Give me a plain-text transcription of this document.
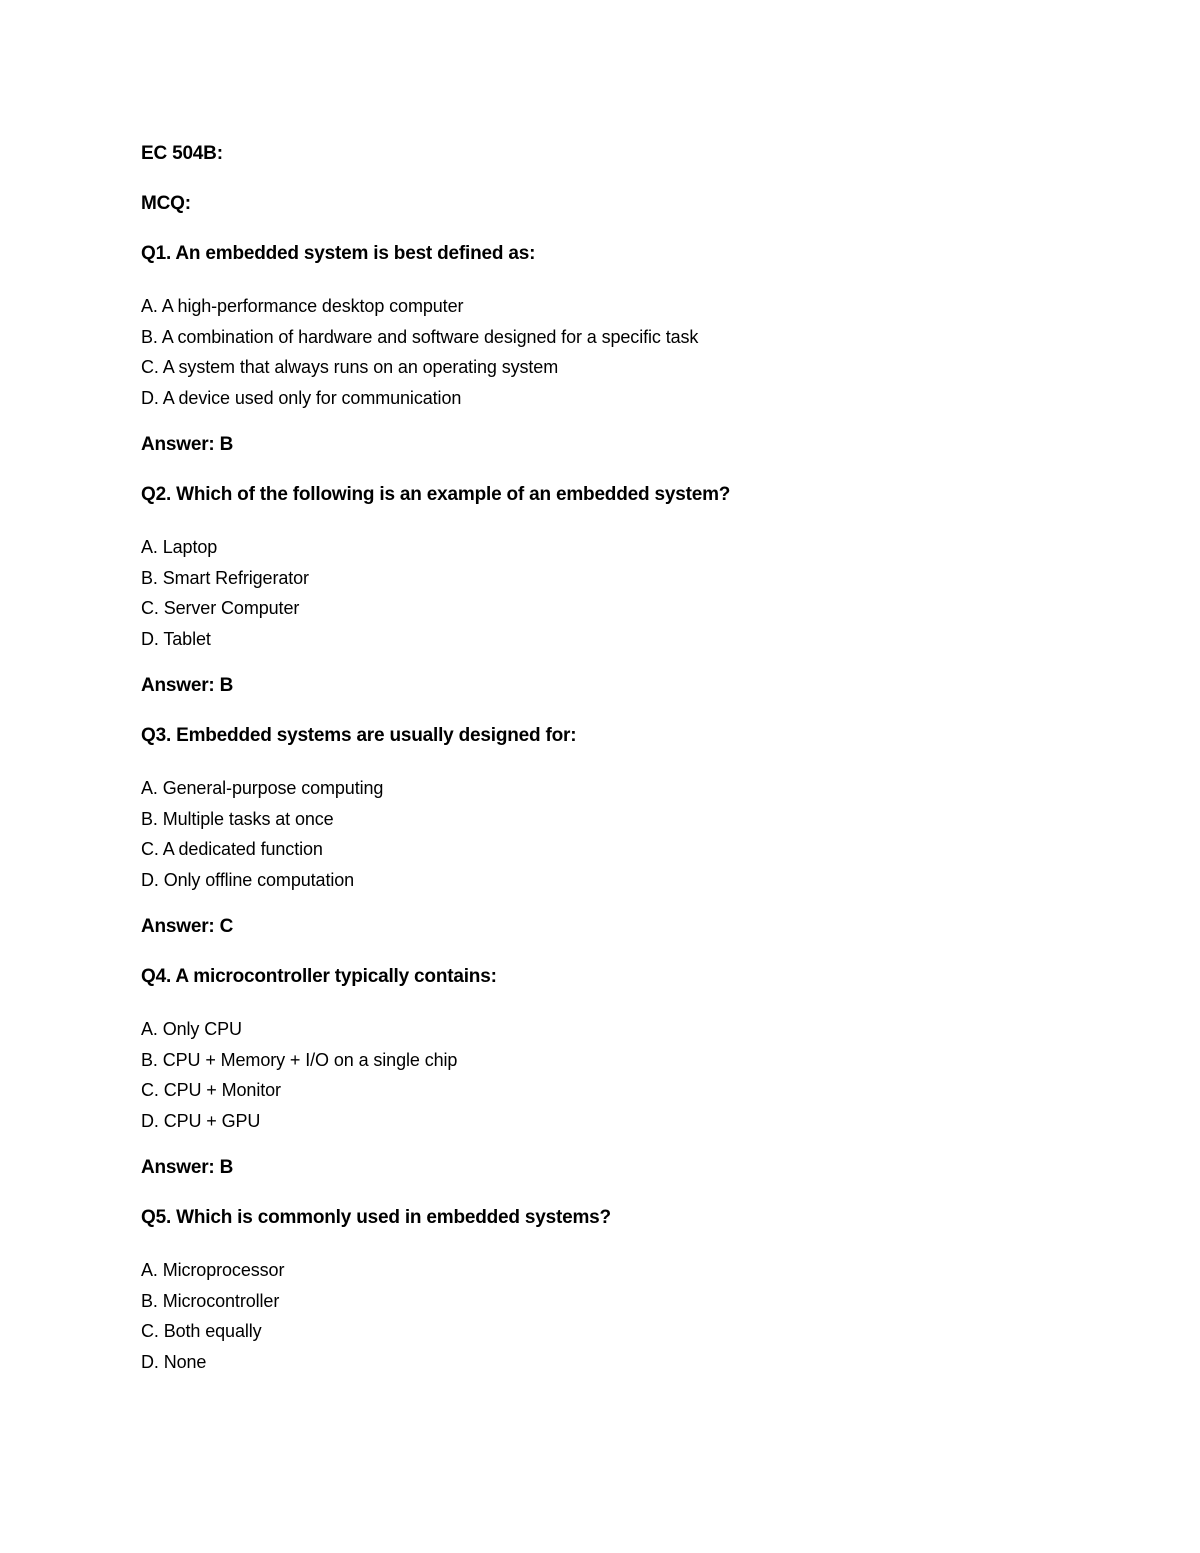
EC 504B:

MCQ:

Q1. An embedded system is best defined as:

A. A high-performance desktop computer
B. A combination of hardware and software designed for a specific task
C. A system that always runs on an operating system
D. A device used only for communication

Answer: B

Q2. Which of the following is an example of an embedded system?

A. Laptop
B. Smart Refrigerator
C. Server Computer
D. Tablet

Answer: B

Q3. Embedded systems are usually designed for:

A. General-purpose computing
B. Multiple tasks at once
C. A dedicated function
D. Only offline computation

Answer: C

Q4. A microcontroller typically contains:

A. Only CPU
B. CPU + Memory + I/O on a single chip
C. CPU + Monitor
D. CPU + GPU

Answer: B

Q5. Which is commonly used in embedded systems?

A. Microprocessor
B. Microcontroller
C. Both equally
D. None
